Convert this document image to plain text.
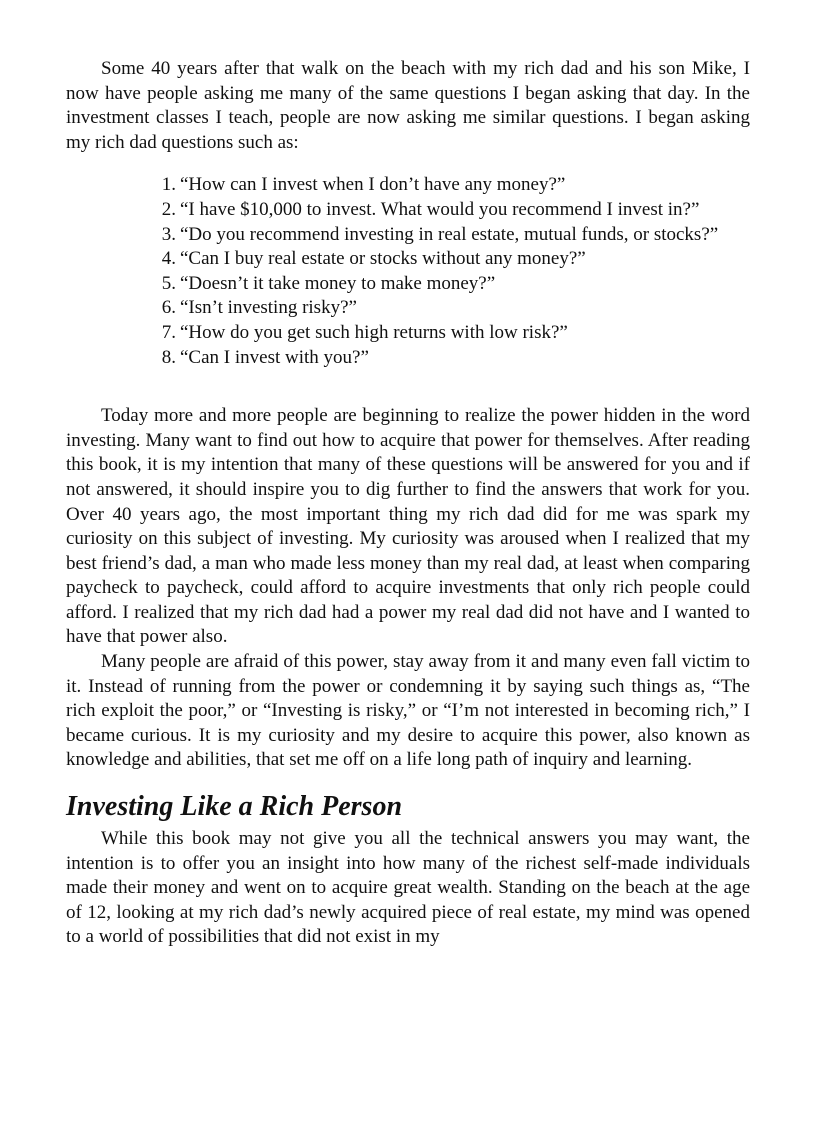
Some 40 years after that walk on the beach with my rich dad and his son Mike, I now have people asking me many of the same questions I began asking that day. In the investment classes I teach, people are now asking me similar questions. I began asking my rich dad questions such as:

1. “How can I invest when I don’t have any money?”
2. “I have $10,000 to invest. What would you recommend I invest in?”
3. “Do you recommend investing in real estate, mutual funds, or stocks?”
4. “Can I buy real estate or stocks without any money?”
5. “Doesn’t it take money to make money?”
6. “Isn’t investing risky?”
7. “How do you get such high returns with low risk?”
8. “Can I invest with you?”

Today more and more people are beginning to realize the power hidden in the word investing. Many want to find out how to acquire that power for themselves. After reading this book, it is my intention that many of these questions will be answered for you and if not answered, it should inspire you to dig further to find the answers that work for you. Over 40 years ago, the most important thing my rich dad did for me was spark my curiosity on this subject of investing. My curiosity was aroused when I realized that my best friend’s dad, a man who made less money than my real dad, at least when comparing paycheck to paycheck, could afford to acquire investments that only rich people could afford. I realized that my rich dad had a power my real dad did not have and I wanted to have that power also.

Many people are afraid of this power, stay away from it and many even fall victim to it. Instead of running from the power or condemning it by saying such things as, “The rich exploit the poor,” or “Investing is risky,” or “I’m not interested in becoming rich,” I became curious. It is my curiosity and my desire to acquire this power, also known as knowledge and abilities, that set me off on a life long path of inquiry and learning.

Investing Like a Rich Person

While this book may not give you all the technical answers you may want, the intention is to offer you an insight into how many of the richest self-made individuals made their money and went on to acquire great wealth. Standing on the beach at the age of 12, looking at my rich dad’s newly acquired piece of real estate, my mind was opened to a world of possibilities that did not exist in my
